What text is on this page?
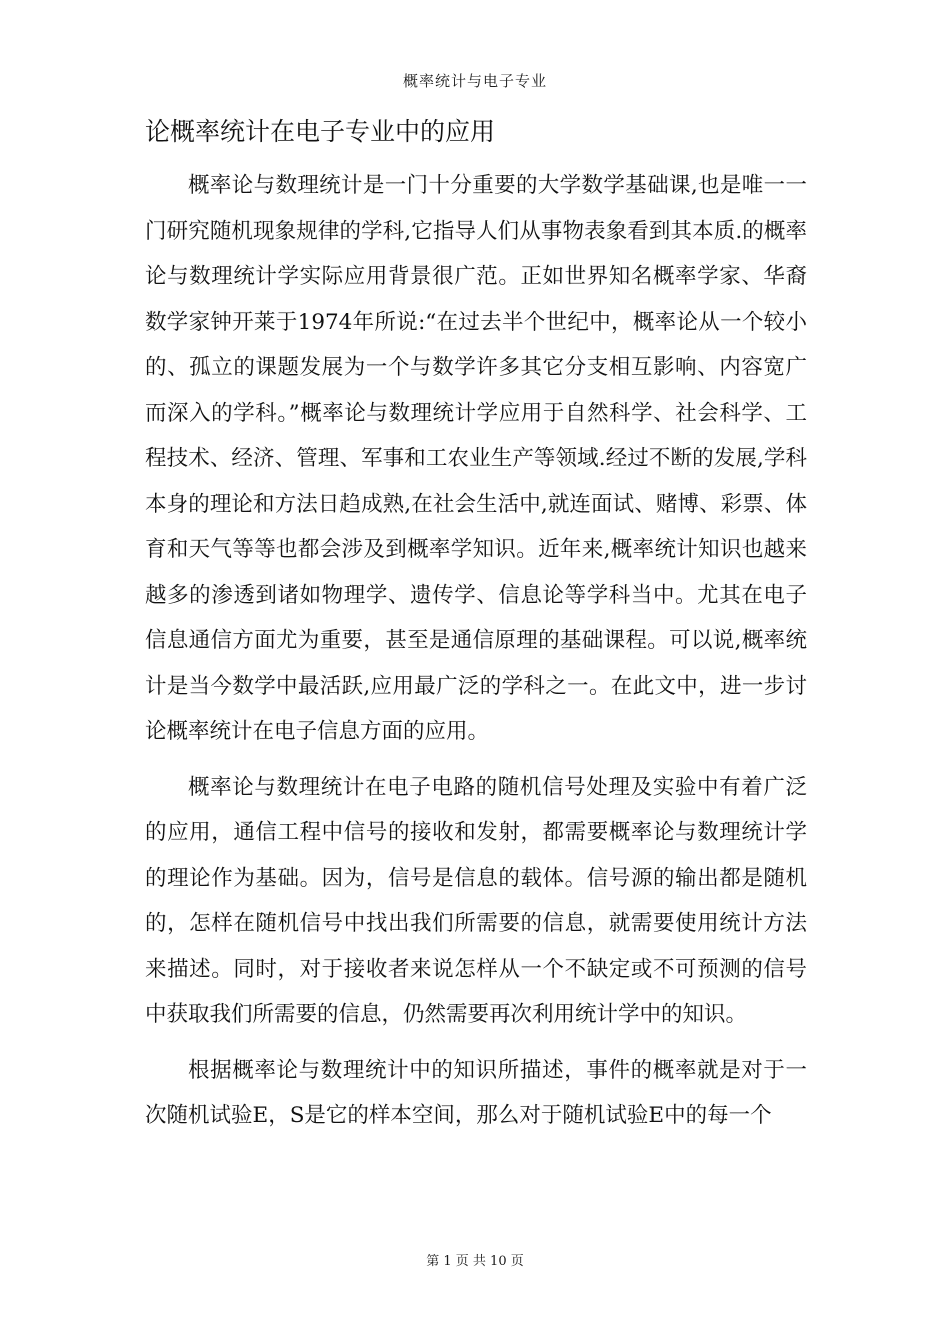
概率统计与电子专业
论概率统计在电子专业中的应用

概率论与数理统计是一门十分重要的大学数学基础课,也是唯一一门研究随机现象规律的学科,它指导人们从事物表象看到其本质.的概率论与数理统计学实际应用背景很广范。正如世界知名概率学家、华裔数学家钟开莱于1974年所说:“在过去半个世纪中，概率论从一个较小的、孤立的课题发展为一个与数学许多其它分支相互影响、内容宽广而深入的学科。”概率论与数理统计学应用于自然科学、社会科学、工程技术、经济、管理、军事和工农业生产等领域.经过不断的发展,学科本身的理论和方法日趋成熟,在社会生活中,就连面试、赌博、彩票、体育和天气等等也都会涉及到概率学知识。近年来,概率统计知识也越来越多的渗透到诸如物理学、遗传学、信息论等学科当中。尤其在电子信息通信方面尤为重要，甚至是通信原理的基础课程。可以说,概率统计是当今数学中最活跃,应用最广泛的学科之一。在此文中，进一步讨论概率统计在电子信息方面的应用。

概率论与数理统计在电子电路的随机信号处理及实验中有着广泛的应用，通信工程中信号的接收和发射，都需要概率论与数理统计学的理论作为基础。因为，信号是信息的载体。信号源的输出都是随机的，怎样在随机信号中找出我们所需要的信息，就需要使用统计方法来描述。同时，对于接收者来说怎样从一个不缺定或不可预测的信号中获取我们所需要的信息，仍然需要再次利用统计学中的知识。

根据概率论与数理统计中的知识所描述，事件的概率就是对于一次随机试验E，S是它的样本空间，那么对于随机试验E中的每一个

第 1 页 共 10 页
